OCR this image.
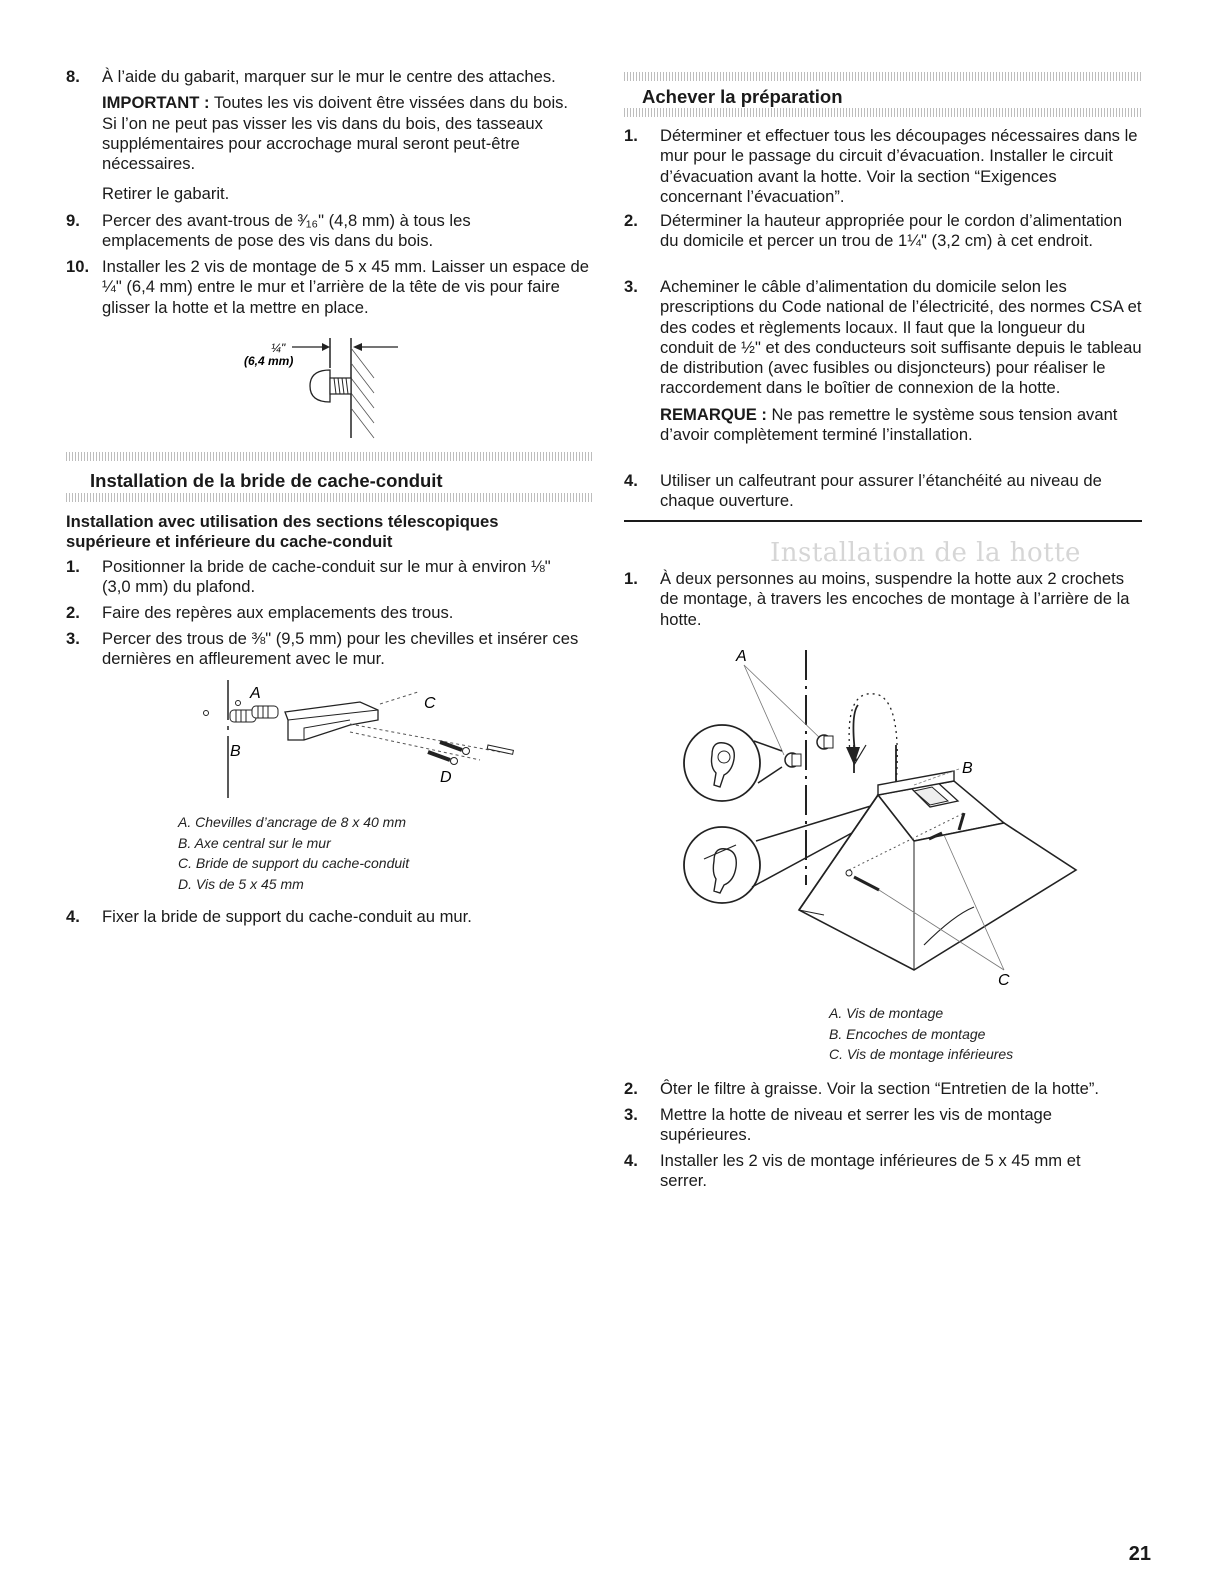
8. À l’aide du gabarit, marquer sur le mur le centre des attaches.
IMPORTANT : Toutes les vis doivent être vissées dans du bois. Si l’on ne peut pas visser les vis dans du bois, des tasseaux supplémentaires pour accrochage mural seront peut-être nécessaires.
Retirer le gabarit.
9. Percer des avant-trous de ³⁄₁₆" (4,8 mm) à tous les emplacements de pose des vis dans du bois.
10. Installer les 2 vis de montage de 5 x 45 mm. Laisser un espace de ¼" (6,4 mm) entre le mur et l’arrière de la tête de vis pour faire glisser la hotte et la mettre en place.
¼"
(6,4 mm)
Installation de la bride de cache-conduit
Installation avec utilisation des sections télescopiques supérieure et inférieure du cache-conduit
1. Positionner la bride de cache-conduit sur le mur à environ ⅛" (3,0 mm) du plafond.
2. Faire des repères aux emplacements des trous.
3. Percer des trous de ⅜" (9,5 mm) pour les chevilles et insérer ces dernières en affleurement avec le mur.
A
B
C
D
A. Chevilles d’ancrage de 8 x 40 mm
B. Axe central sur le mur
C. Bride de support du cache-conduit
D. Vis de 5 x 45 mm
4. Fixer la bride de support du cache-conduit au mur.
Achever la préparation
1. Déterminer et effectuer tous les découpages nécessaires dans le mur pour le passage du circuit d’évacuation. Installer le circuit d’évacuation avant la hotte. Voir la section “Exigences concernant l’évacuation”.
2. Déterminer la hauteur appropriée pour le cordon d’alimentation du domicile et percer un trou de 1¼" (3,2 cm) à cet endroit.
3. Acheminer le câble d’alimentation du domicile selon les prescriptions du Code national de l’électricité, des normes CSA et des codes et règlements locaux. Il faut que la longueur du conduit de ½" et des conducteurs soit suffisante depuis le tableau de distribution (avec fusibles ou disjoncteurs) pour réaliser le raccordement dans le boîtier de connexion de la hotte.
REMARQUE : Ne pas remettre le système sous tension avant d’avoir complètement terminé l’installation.
4. Utiliser un calfeutrant pour assurer l’étanchéité au niveau de chaque ouverture.
Installation de la hotte
1. À deux personnes au moins, suspendre la hotte aux 2 crochets de montage, à travers les encoches de montage à l’arrière de la hotte.
A
B
C
A. Vis de montage
B. Encoches de montage
C. Vis de montage inférieures
2. Ôter le filtre à graisse. Voir la section “Entretien de la hotte”.
3. Mettre la hotte de niveau et serrer les vis de montage supérieures.
4. Installer les 2 vis de montage inférieures de 5 x 45 mm et serrer.
21
